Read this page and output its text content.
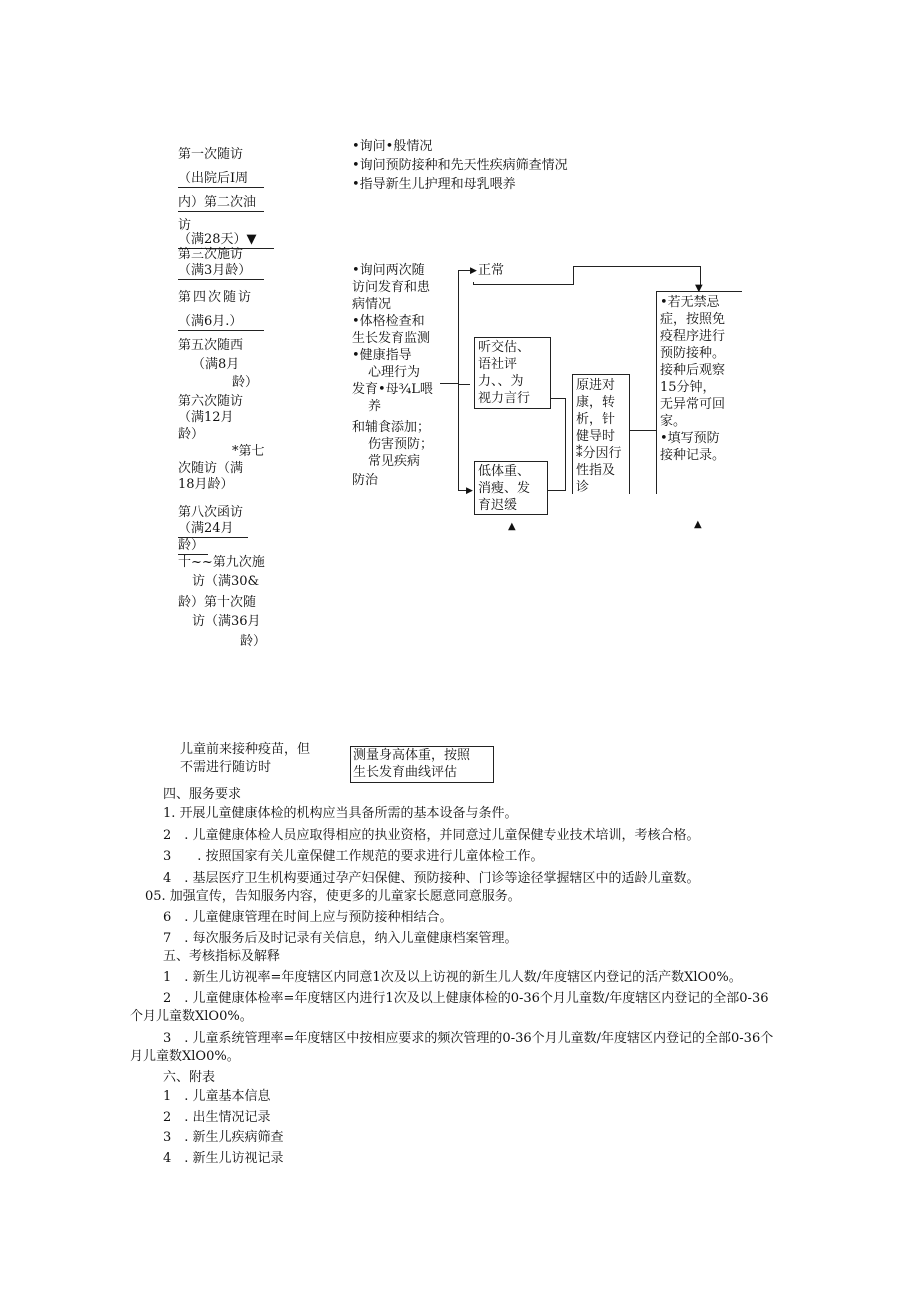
第一次随访
（出院后Ⅰ周
内）第二次油
访
（满28天）▼
第三次施访
（满3月龄）
第四次随访
（满6月.）
第五次随西
（满8月
龄）
第六次随访
（满12月
龄）
*第七
次随访（满
18月龄）
第八次函访
（满24月
龄）
十~~第九次施
访（满30&
龄）第十次随
访（满36月
龄）
•询问•般情况
•询问预防接种和先天性疾病筛查情况
•指导新生儿护理和母乳喂养
•询问两次随
访问发育和患
病情况
•体格检查和
生长发育监测
•健康指导
心理行为
发育•母¾L喂
养
和辅食添加；
伤害预防；
常见疾病
防治
▶ 正常
▼
听交估、
语社评
力、、为
视力言行
▶
低体重、
消瘦、发
育迟缓
▲
原进对
康，转
析，针
健导时
⁑分因行
性指及
诊
•若无禁忌
症，按照免
疫程序进行
预防接种。
接种后观察
15分钟，
无异常可回
家。
•填写预防
接种记录。
▲
儿童前来接种疫苗，但
不需进行随访时
测量身高体重，按照
生长发育曲线评估
四、服务要求
1. 开展儿童健康体检的机构应当具备所需的基本设备与条件。
2　. 儿童健康体检人员应取得相应的执业资格，并同意过儿童保健专业技术培训，考核合格。
3　　. 按照国家有关儿童保健工作规范的要求进行儿童体检工作。
4　. 基层医疗卫生机构要通过孕产妇保健、预防接种、门诊等途径掌握辖区中的适龄儿童数。
05. 加强宣传，告知服务内容，使更多的儿童家长愿意同意服务。
6　. 儿童健康管理在时间上应与预防接种相结合。
7　. 每次服务后及时记录有关信息，纳入儿童健康档案管理。
五、考核指标及解释
1　. 新生儿访视率=年度辖区内同意1次及以上访视的新生儿人数/年度辖区内登记的活产数XlO0%。
2　. 儿童健康体检率=年度辖区内进行1次及以上健康体检的0-36个月儿童数/年度辖区内登记的全部0-36
个月儿童数XlO0%。
3　. 儿童系统管理率=年度辖区中按相应要求的频次管理的0-36个月儿童数/年度辖区内登记的全部0-36个
月儿童数XlO0%。
六、附表
1　. 儿童基本信息
2　. 出生情况记录
3　. 新生儿疾病筛查
4　. 新生儿访视记录
